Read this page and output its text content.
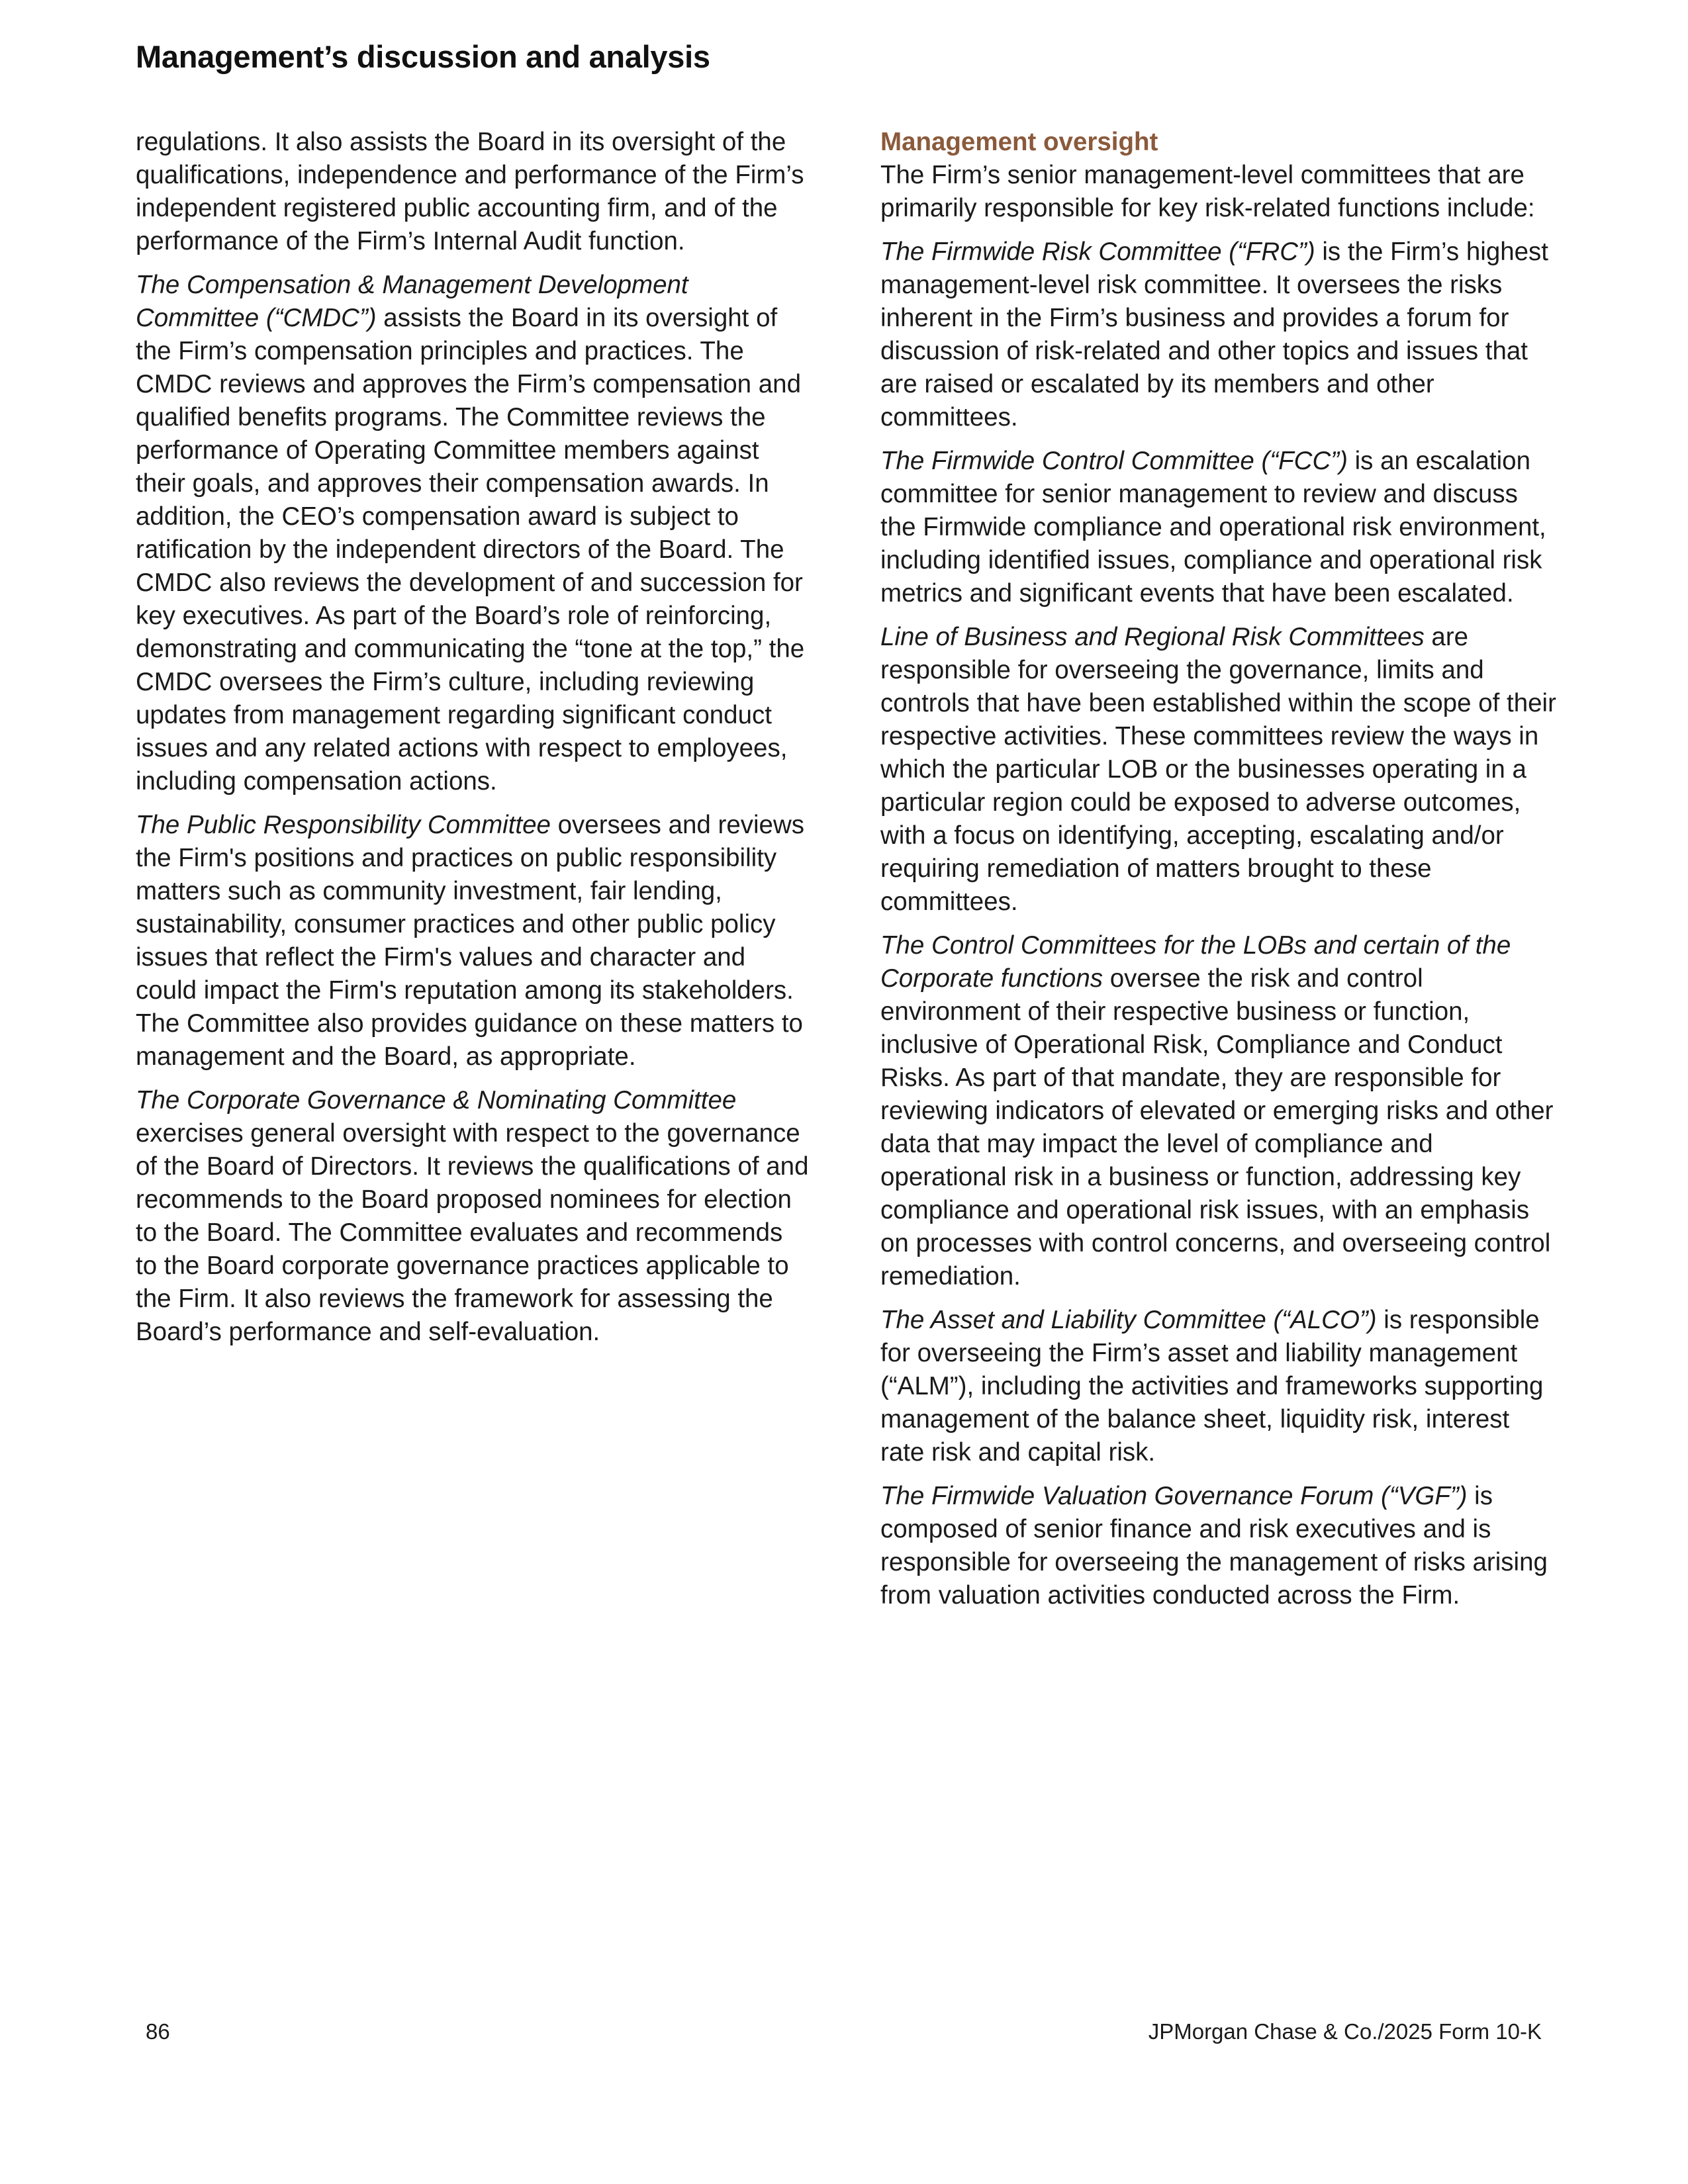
Management’s discussion and analysis

regulations. It also assists the Board in its oversight of the qualifications, independence and performance of the Firm’s independent registered public accounting firm, and of the performance of the Firm’s Internal Audit function.

The Compensation & Management Development Committee (“CMDC”) assists the Board in its oversight of the Firm’s compensation principles and practices. The CMDC reviews and approves the Firm’s compensation and qualified benefits programs. The Committee reviews the performance of Operating Committee members against their goals, and approves their compensation awards. In addition, the CEO’s compensation award is subject to ratification by the independent directors of the Board. The CMDC also reviews the development of and succession for key executives. As part of the Board’s role of reinforcing, demonstrating and communicating the “tone at the top,” the CMDC oversees the Firm’s culture, including reviewing updates from management regarding significant conduct issues and any related actions with respect to employees, including compensation actions.

The Public Responsibility Committee oversees and reviews the Firm's positions and practices on public responsibility matters such as community investment, fair lending, sustainability, consumer practices and other public policy issues that reflect the Firm's values and character and could impact the Firm's reputation among its stakeholders. The Committee also provides guidance on these matters to management and the Board, as appropriate.

The Corporate Governance & Nominating Committee exercises general oversight with respect to the governance of the Board of Directors. It reviews the qualifications of and recommends to the Board proposed nominees for election to the Board. The Committee evaluates and recommends to the Board corporate governance practices applicable to the Firm. It also reviews the framework for assessing the Board’s performance and self-evaluation.

Management oversight

The Firm’s senior management-level committees that are primarily responsible for key risk-related functions include:

The Firmwide Risk Committee (“FRC”) is the Firm’s highest management-level risk committee. It oversees the risks inherent in the Firm’s business and provides a forum for discussion of risk-related and other topics and issues that are raised or escalated by its members and other committees.

The Firmwide Control Committee (“FCC”) is an escalation committee for senior management to review and discuss the Firmwide compliance and operational risk environment, including identified issues, compliance and operational risk metrics and significant events that have been escalated.

Line of Business and Regional Risk Committees are responsible for overseeing the governance, limits and controls that have been established within the scope of their respective activities. These committees review the ways in which the particular LOB or the businesses operating in a particular region could be exposed to adverse outcomes, with a focus on identifying, accepting, escalating and/or requiring remediation of matters brought to these committees.

The Control Committees for the LOBs and certain of the Corporate functions oversee the risk and control environment of their respective business or function, inclusive of Operational Risk, Compliance and Conduct Risks. As part of that mandate, they are responsible for reviewing indicators of elevated or emerging risks and other data that may impact the level of compliance and operational risk in a business or function, addressing key compliance and operational risk issues, with an emphasis on processes with control concerns, and overseeing control remediation.

The Asset and Liability Committee (“ALCO”) is responsible for overseeing the Firm’s asset and liability management (“ALM”), including the activities and frameworks supporting management of the balance sheet, liquidity risk, interest rate risk and capital risk.

The Firmwide Valuation Governance Forum (“VGF”) is composed of senior finance and risk executives and is responsible for overseeing the management of risks arising from valuation activities conducted across the Firm.

86	JPMorgan Chase & Co./2025 Form 10-K
